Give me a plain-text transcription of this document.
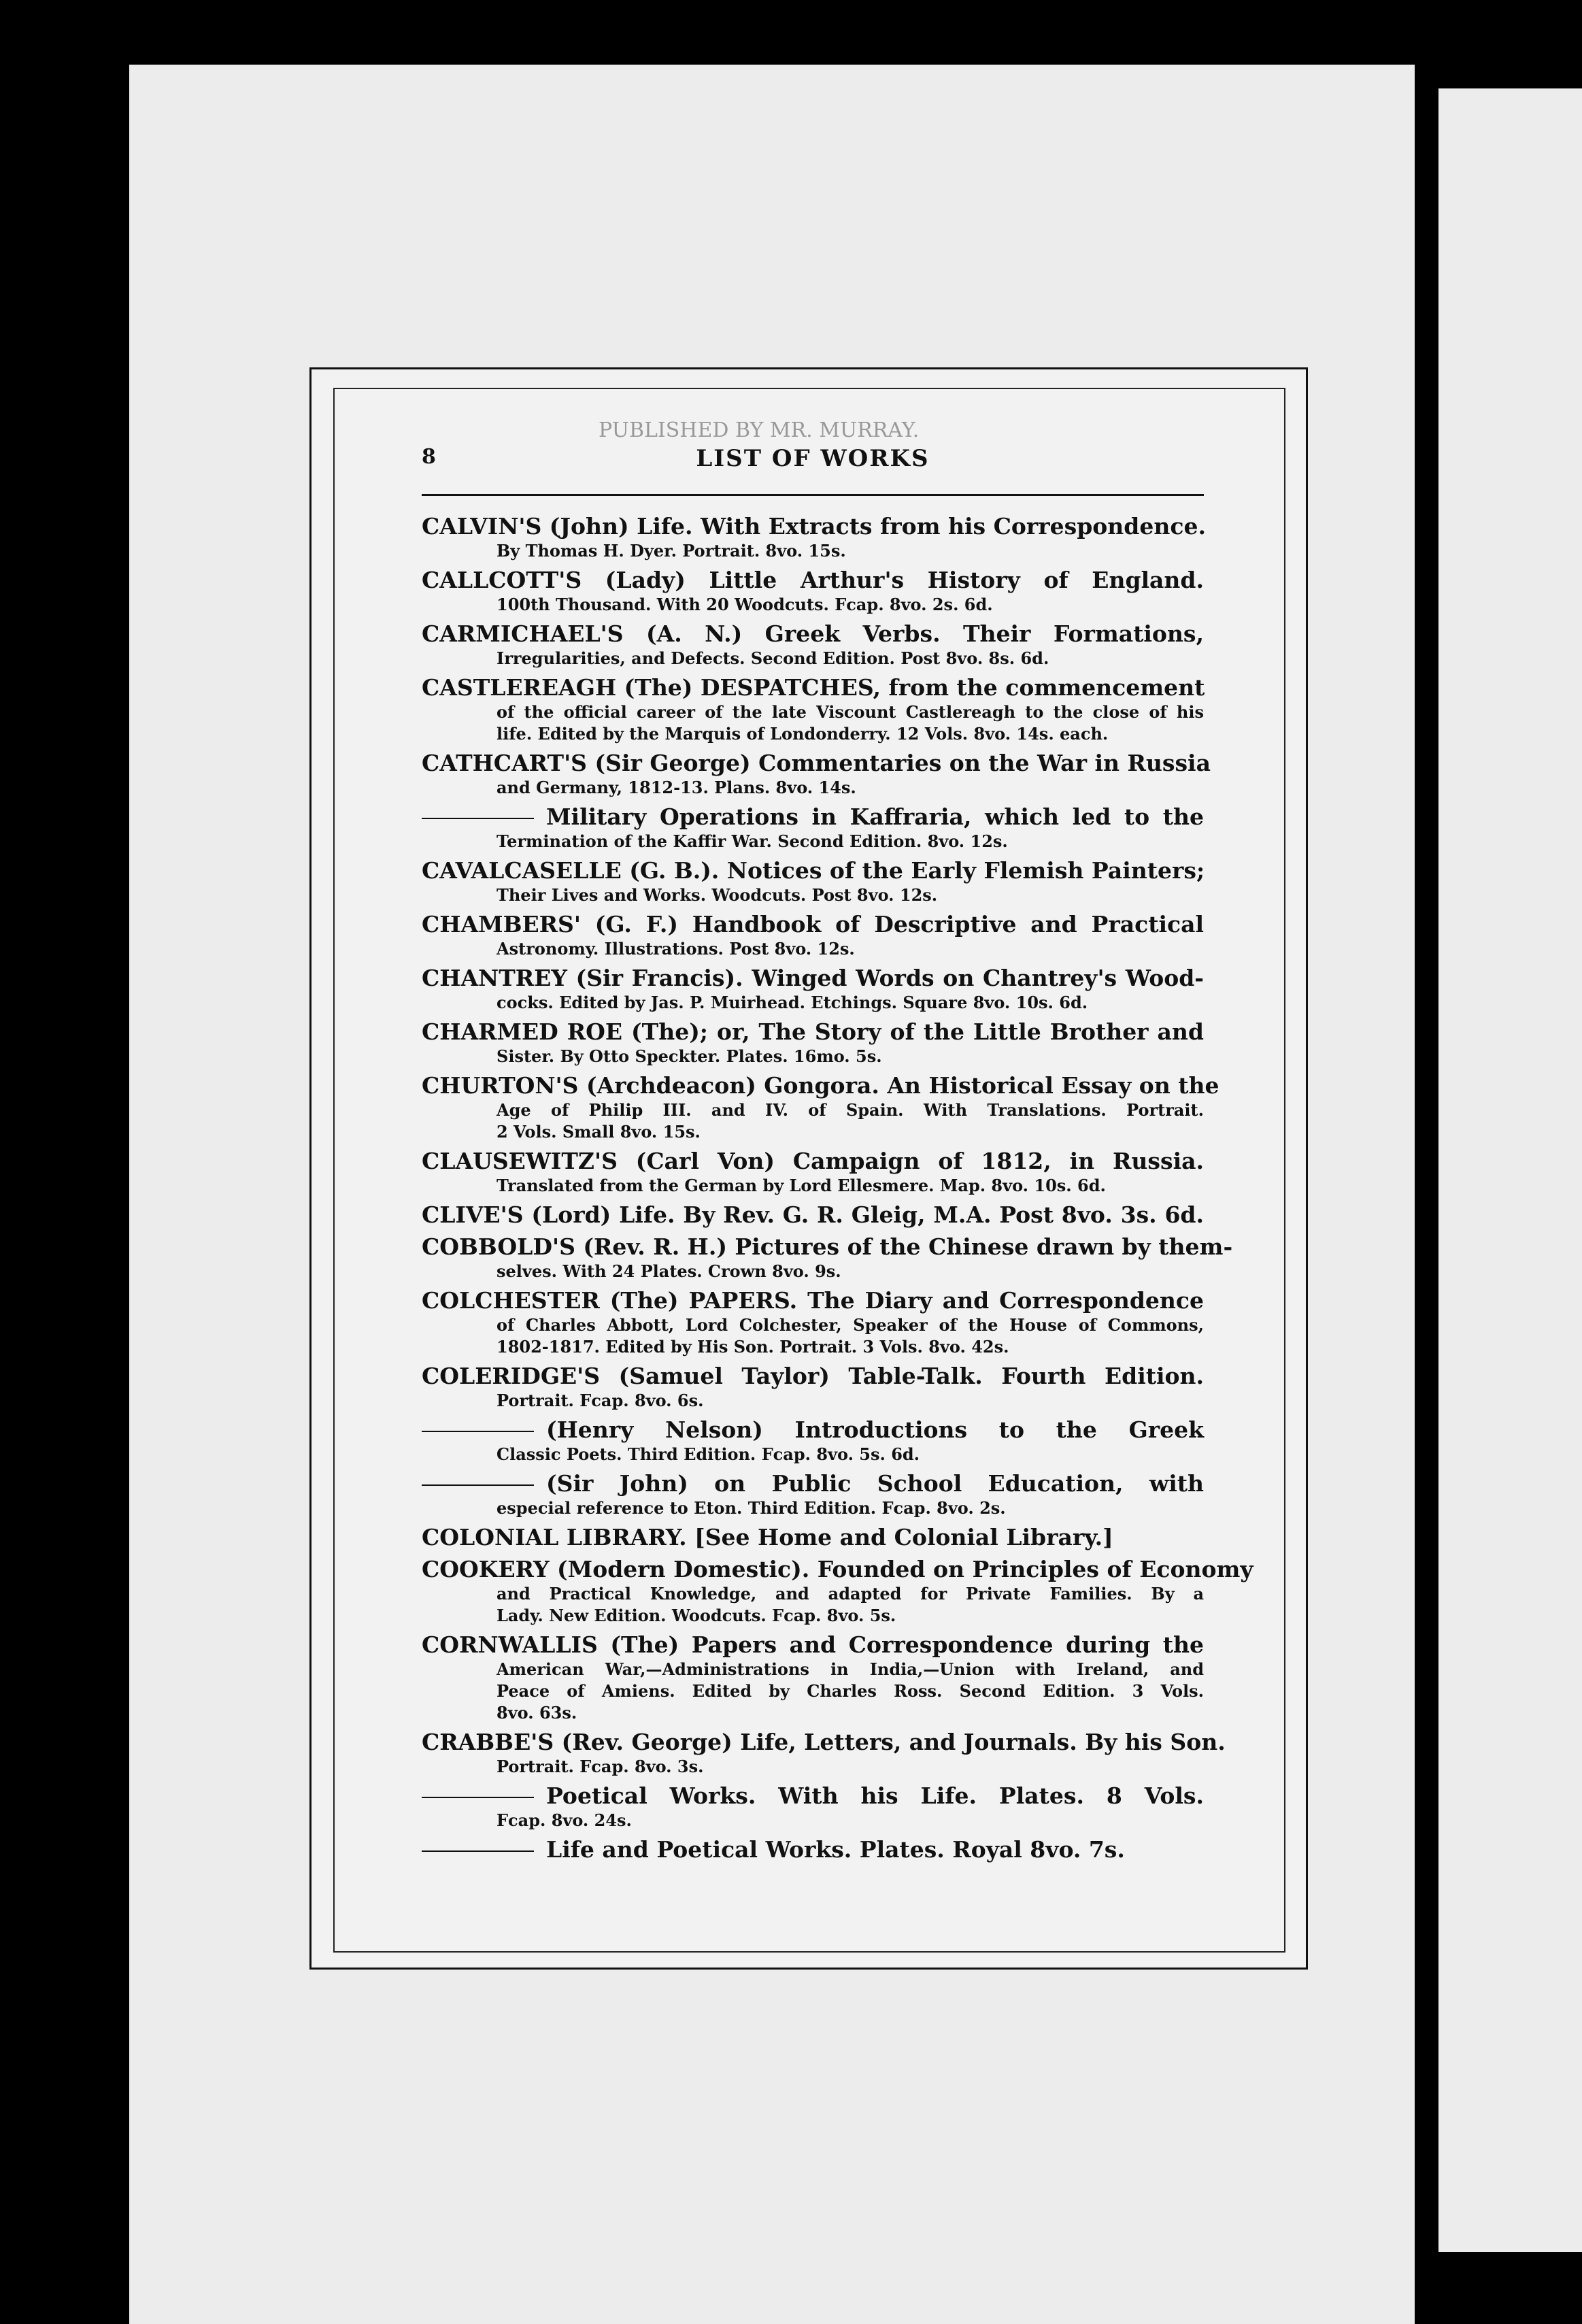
PUBLISHED BY MR. MURRAY.
8	LIST OF WORKS
CALVIN'S (John) Life. With Extracts from his Correspondence.
By Thomas H. Dyer. Portrait. 8vo. 15s.
CALLCOTT'S (Lady) Little Arthur's History of England.
100th Thousand. With 20 Woodcuts. Fcap. 8vo. 2s. 6d.
CARMICHAEL'S (A. N.) Greek Verbs. Their Formations,
Irregularities, and Defects. Second Edition. Post 8vo. 8s. 6d.
CASTLEREAGH (The) DESPATCHES, from the commencement
of the official career of the late Viscount Castlereagh to the close of his
life. Edited by the Marquis of Londonderry. 12 Vols. 8vo. 14s. each.
CATHCART'S (Sir George) Commentaries on the War in Russia
and Germany, 1812-13. Plans. 8vo. 14s.
Military Operations in Kaffraria, which led to the
Termination of the Kaffir War. Second Edition. 8vo. 12s.
CAVALCASELLE (G. B.). Notices of the Early Flemish Painters;
Their Lives and Works. Woodcuts. Post 8vo. 12s.
CHAMBERS' (G. F.) Handbook of Descriptive and Practical
Astronomy. Illustrations. Post 8vo. 12s.
CHANTREY (Sir Francis). Winged Words on Chantrey's Wood-
cocks. Edited by Jas. P. Muirhead. Etchings. Square 8vo. 10s. 6d.
CHARMED ROE (The); or, The Story of the Little Brother and
Sister. By Otto Speckter. Plates. 16mo. 5s.
CHURTON'S (Archdeacon) Gongora. An Historical Essay on the
Age of Philip III. and IV. of Spain. With Translations. Portrait.
2 Vols. Small 8vo. 15s.
CLAUSEWITZ'S (Carl Von) Campaign of 1812, in Russia.
Translated from the German by Lord Ellesmere. Map. 8vo. 10s. 6d.
CLIVE'S (Lord) Life. By Rev. G. R. Gleig, M.A. Post 8vo. 3s. 6d.
COBBOLD'S (Rev. R. H.) Pictures of the Chinese drawn by them-
selves. With 24 Plates. Crown 8vo. 9s.
COLCHESTER (The) PAPERS. The Diary and Correspondence
of Charles Abbott, Lord Colchester, Speaker of the House of Commons,
1802-1817. Edited by His Son. Portrait. 3 Vols. 8vo. 42s.
COLERIDGE'S (Samuel Taylor) Table-Talk. Fourth Edition.
Portrait. Fcap. 8vo. 6s.
(Henry Nelson) Introductions to the Greek
Classic Poets. Third Edition. Fcap. 8vo. 5s. 6d.
(Sir John) on Public School Education, with
especial reference to Eton. Third Edition. Fcap. 8vo. 2s.
COLONIAL LIBRARY. [See Home and Colonial Library.]
COOKERY (Modern Domestic). Founded on Principles of Economy
and Practical Knowledge, and adapted for Private Families. By a
Lady. New Edition. Woodcuts. Fcap. 8vo. 5s.
CORNWALLIS (The) Papers and Correspondence during the
American War,—Administrations in India,—Union with Ireland, and
Peace of Amiens. Edited by Charles Ross. Second Edition. 3 Vols.
8vo. 63s.
CRABBE'S (Rev. George) Life, Letters, and Journals. By his Son.
Portrait. Fcap. 8vo. 3s.
Poetical Works. With his Life. Plates. 8 Vols.
Fcap. 8vo. 24s.
Life and Poetical Works. Plates. Royal 8vo. 7s.
